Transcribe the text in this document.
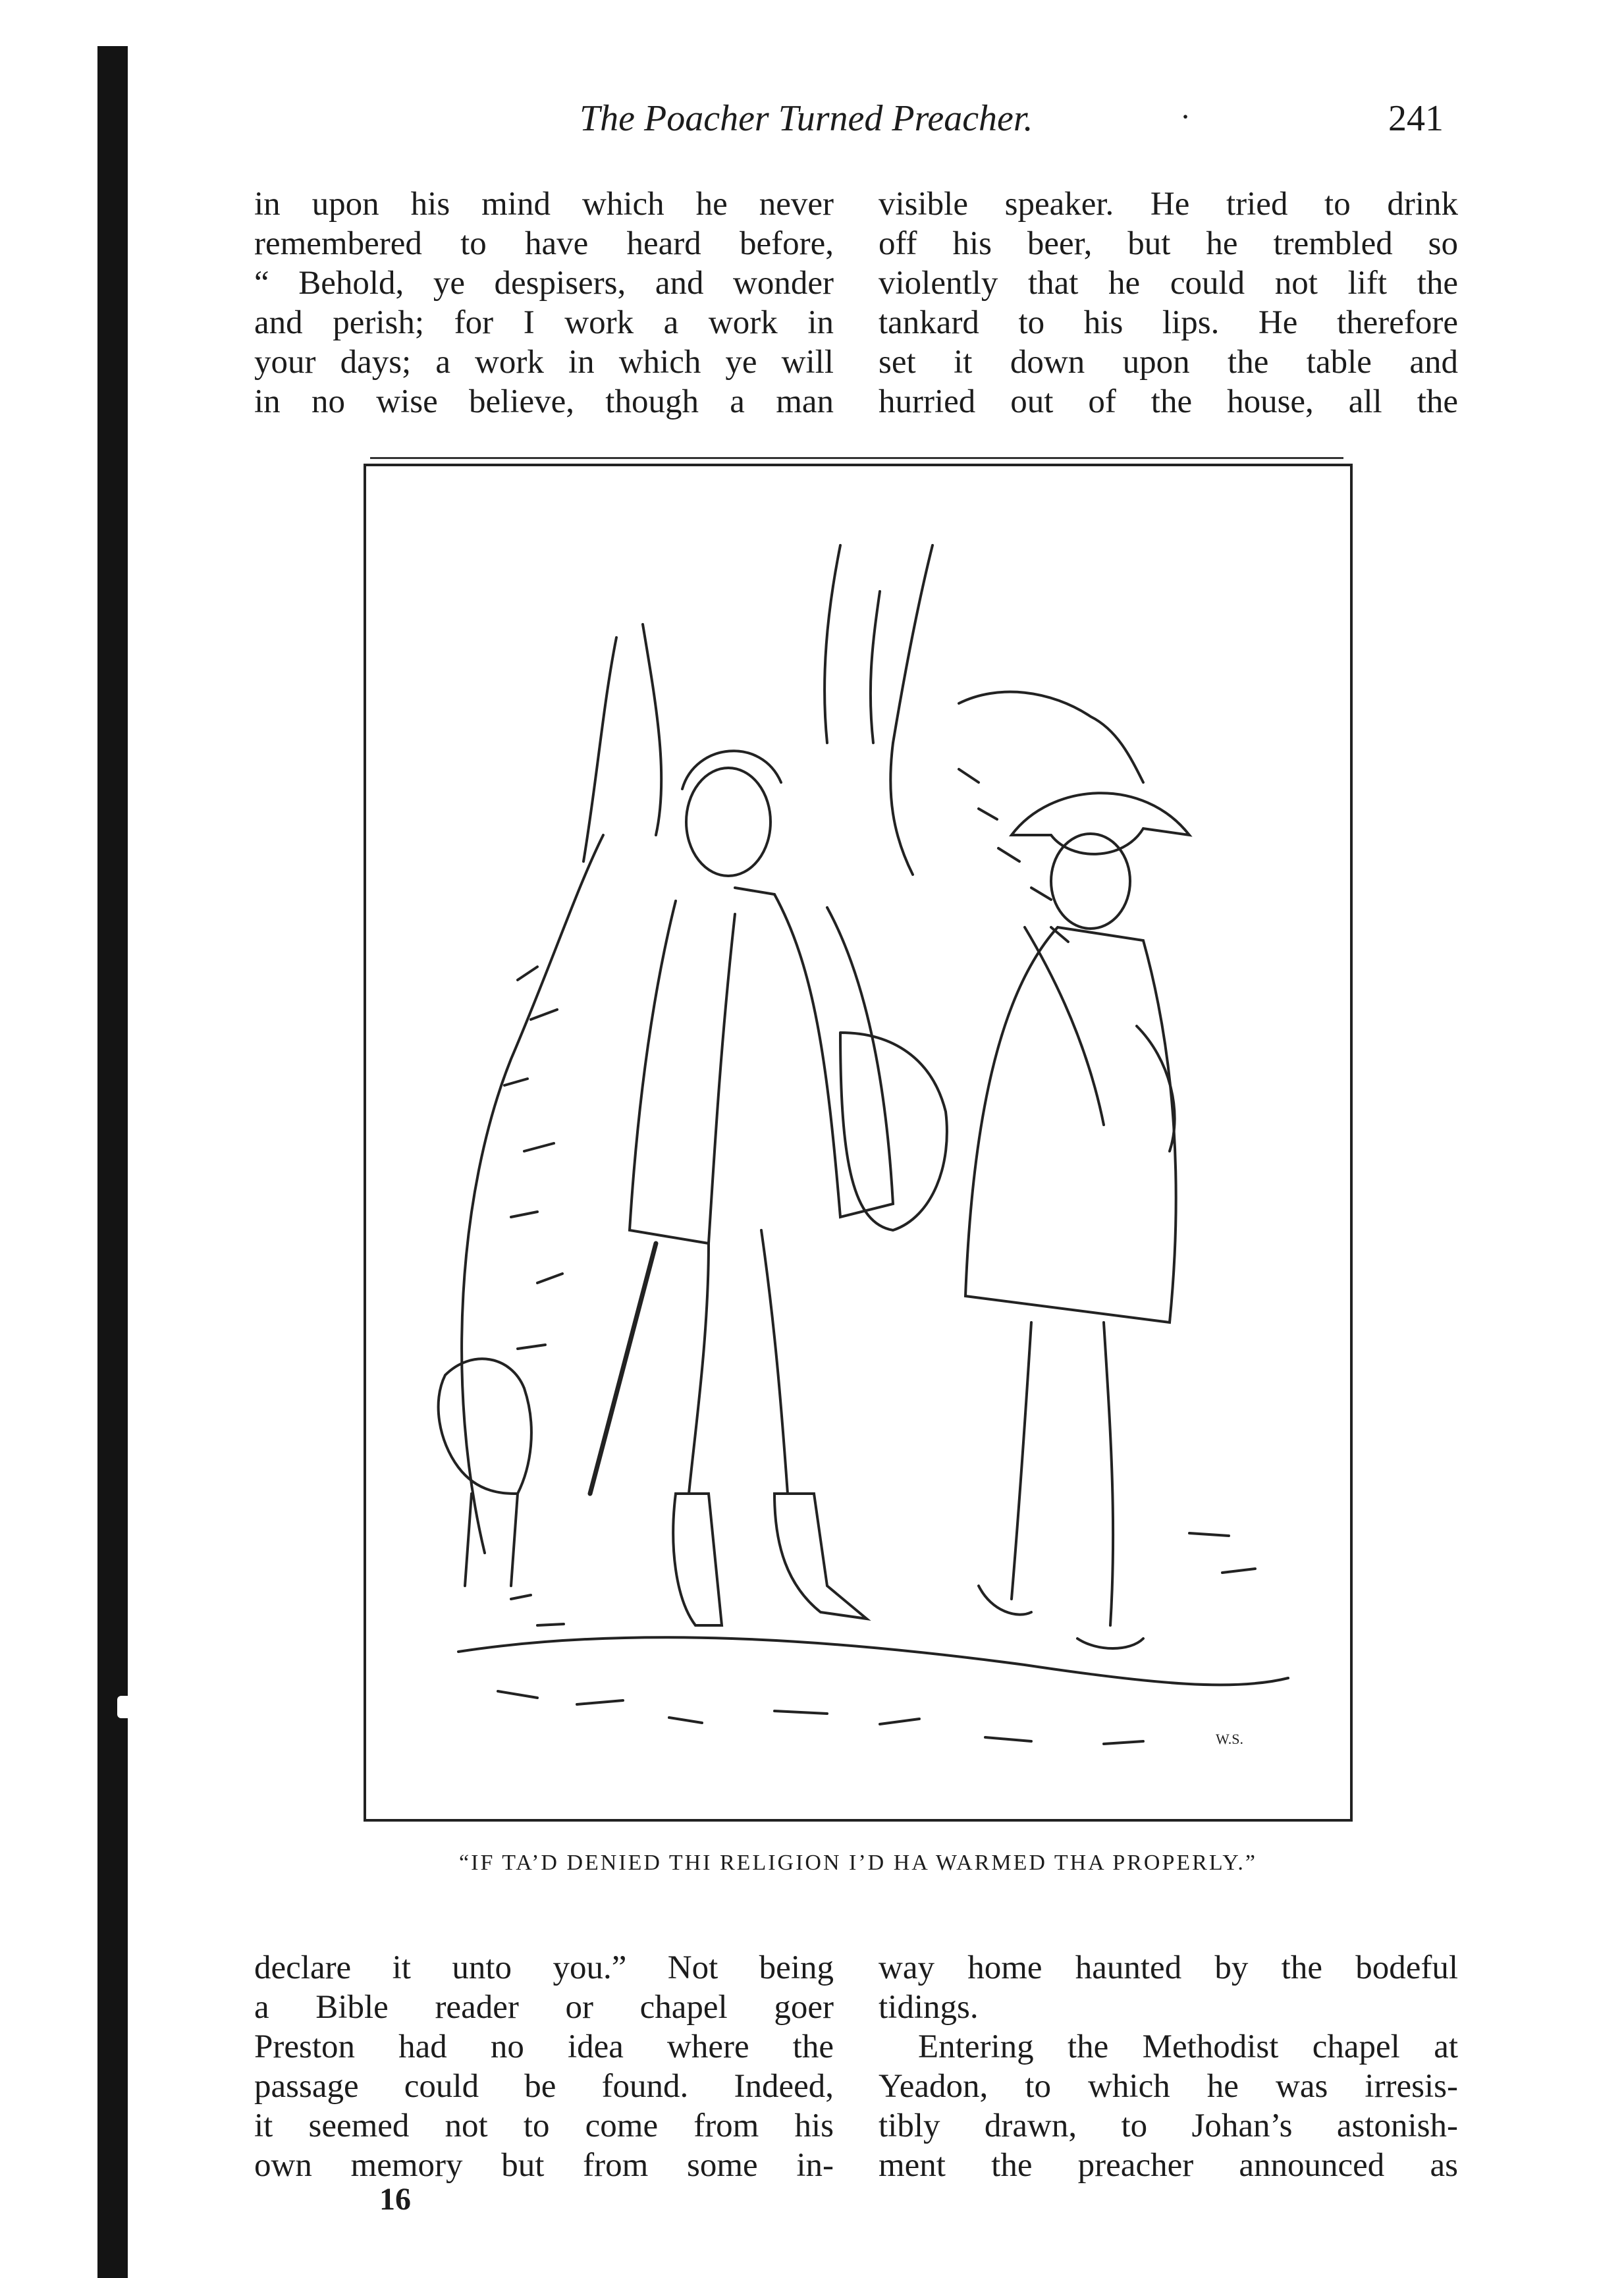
The Poacher Turned Preacher.	·	241
in upon his mind which he never
remembered to have heard before,
“ Behold, ye despisers, and wonder
and perish; for I work a work in
your days; a work in which ye will
in no wise believe, though a man
visible speaker. He tried to drink
off his beer, but he trembled so
violently that he could not lift the
tankard to his lips. He therefore
set it down upon the table and
hurried out of the house, all the
W.S.
“IF TA’D DENIED THI RELIGION I’D HA WARMED THA PROPERLY.”
declare it unto you.” Not being
a Bible reader or chapel goer
Preston had no idea where the
passage could be found. Indeed,
it seemed not to come from his
own memory but from some in-
way home haunted by the bodeful
tidings.
Entering the Methodist chapel at
Yeadon, to which he was irresis-
tibly drawn, to Johan’s astonish-
ment the preacher announced as
16
